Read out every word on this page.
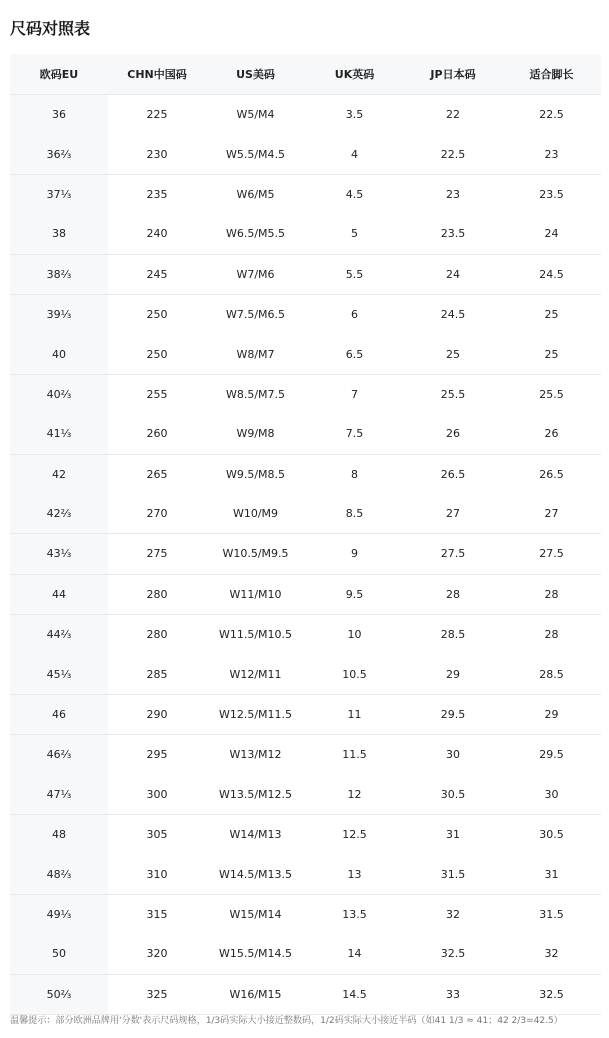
尺码对照表
欧码EU	CHN中国码	US美码	UK英码	JP日本码	适合脚长
36	225	W5/M4	3.5	22	22.5
36⅔	230	W5.5/M4.5	4	22.5	23
37⅓	235	W6/M5	4.5	23	23.5
38	240	W6.5/M5.5	5	23.5	24
38⅔	245	W7/M6	5.5	24	24.5
39⅓	250	W7.5/M6.5	6	24.5	25
40	250	W8/M7	6.5	25	25
40⅔	255	W8.5/M7.5	7	25.5	25.5
41⅓	260	W9/M8	7.5	26	26
42	265	W9.5/M8.5	8	26.5	26.5
42⅔	270	W10/M9	8.5	27	27
43⅓	275	W10.5/M9.5	9	27.5	27.5
44	280	W11/M10	9.5	28	28
44⅔	280	W11.5/M10.5	10	28.5	28
45⅓	285	W12/M11	10.5	29	28.5
46	290	W12.5/M11.5	11	29.5	29
46⅔	295	W13/M12	11.5	30	29.5
47⅓	300	W13.5/M12.5	12	30.5	30
48	305	W14/M13	12.5	31	30.5
48⅔	310	W14.5/M13.5	13	31.5	31
49⅓	315	W15/M14	13.5	32	31.5
50	320	W15.5/M14.5	14	32.5	32
50⅔	325	W16/M15	14.5	33	32.5
温馨提示：部分欧洲品牌用'分数'表示尺码规格，1/3码实际大小接近整数码，1/2码实际大小接近半码（如41 1/3 ≈ 41；42 2/3=42.5）
